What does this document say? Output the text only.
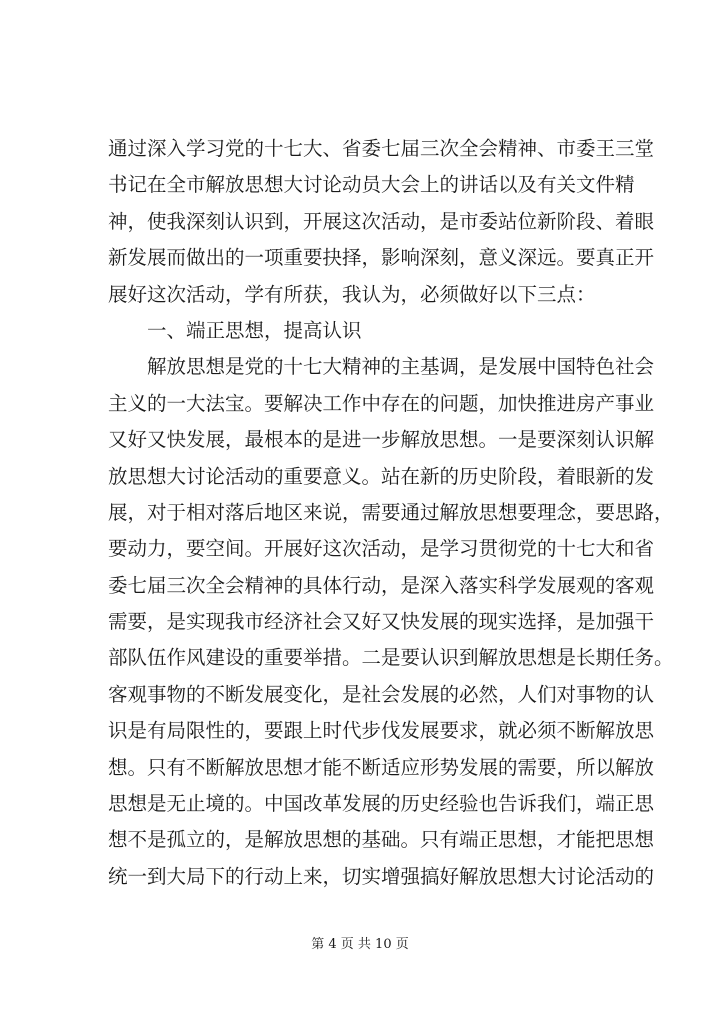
通过深入学习党的十七大、省委七届三次全会精神、市委王三堂
书记在全市解放思想大讨论动员大会上的讲话以及有关文件精
神，使我深刻认识到，开展这次活动，是市委站位新阶段、着眼
新发展而做出的一项重要抉择，影响深刻，意义深远。要真正开
展好这次活动，学有所获，我认为，必须做好以下三点：
一、端正思想，提高认识
解放思想是党的十七大精神的主基调，是发展中国特色社会
主义的一大法宝。要解决工作中存在的问题，加快推进房产事业
又好又快发展，最根本的是进一步解放思想。一是要深刻认识解
放思想大讨论活动的重要意义。站在新的历史阶段，着眼新的发
展，对于相对落后地区来说，需要通过解放思想要理念，要思路，
要动力，要空间。开展好这次活动，是学习贯彻党的十七大和省
委七届三次全会精神的具体行动，是深入落实科学发展观的客观
需要，是实现我市经济社会又好又快发展的现实选择，是加强干
部队伍作风建设的重要举措。二是要认识到解放思想是长期任务。
客观事物的不断发展变化，是社会发展的必然，人们对事物的认
识是有局限性的，要跟上时代步伐发展要求，就必须不断解放思
想。只有不断解放思想才能不断适应形势发展的需要，所以解放
思想是无止境的。中国改革发展的历史经验也告诉我们，端正思
想不是孤立的，是解放思想的基础。只有端正思想，才能把思想
统一到大局下的行动上来，切实增强搞好解放思想大讨论活动的
第 4 页 共 10 页
